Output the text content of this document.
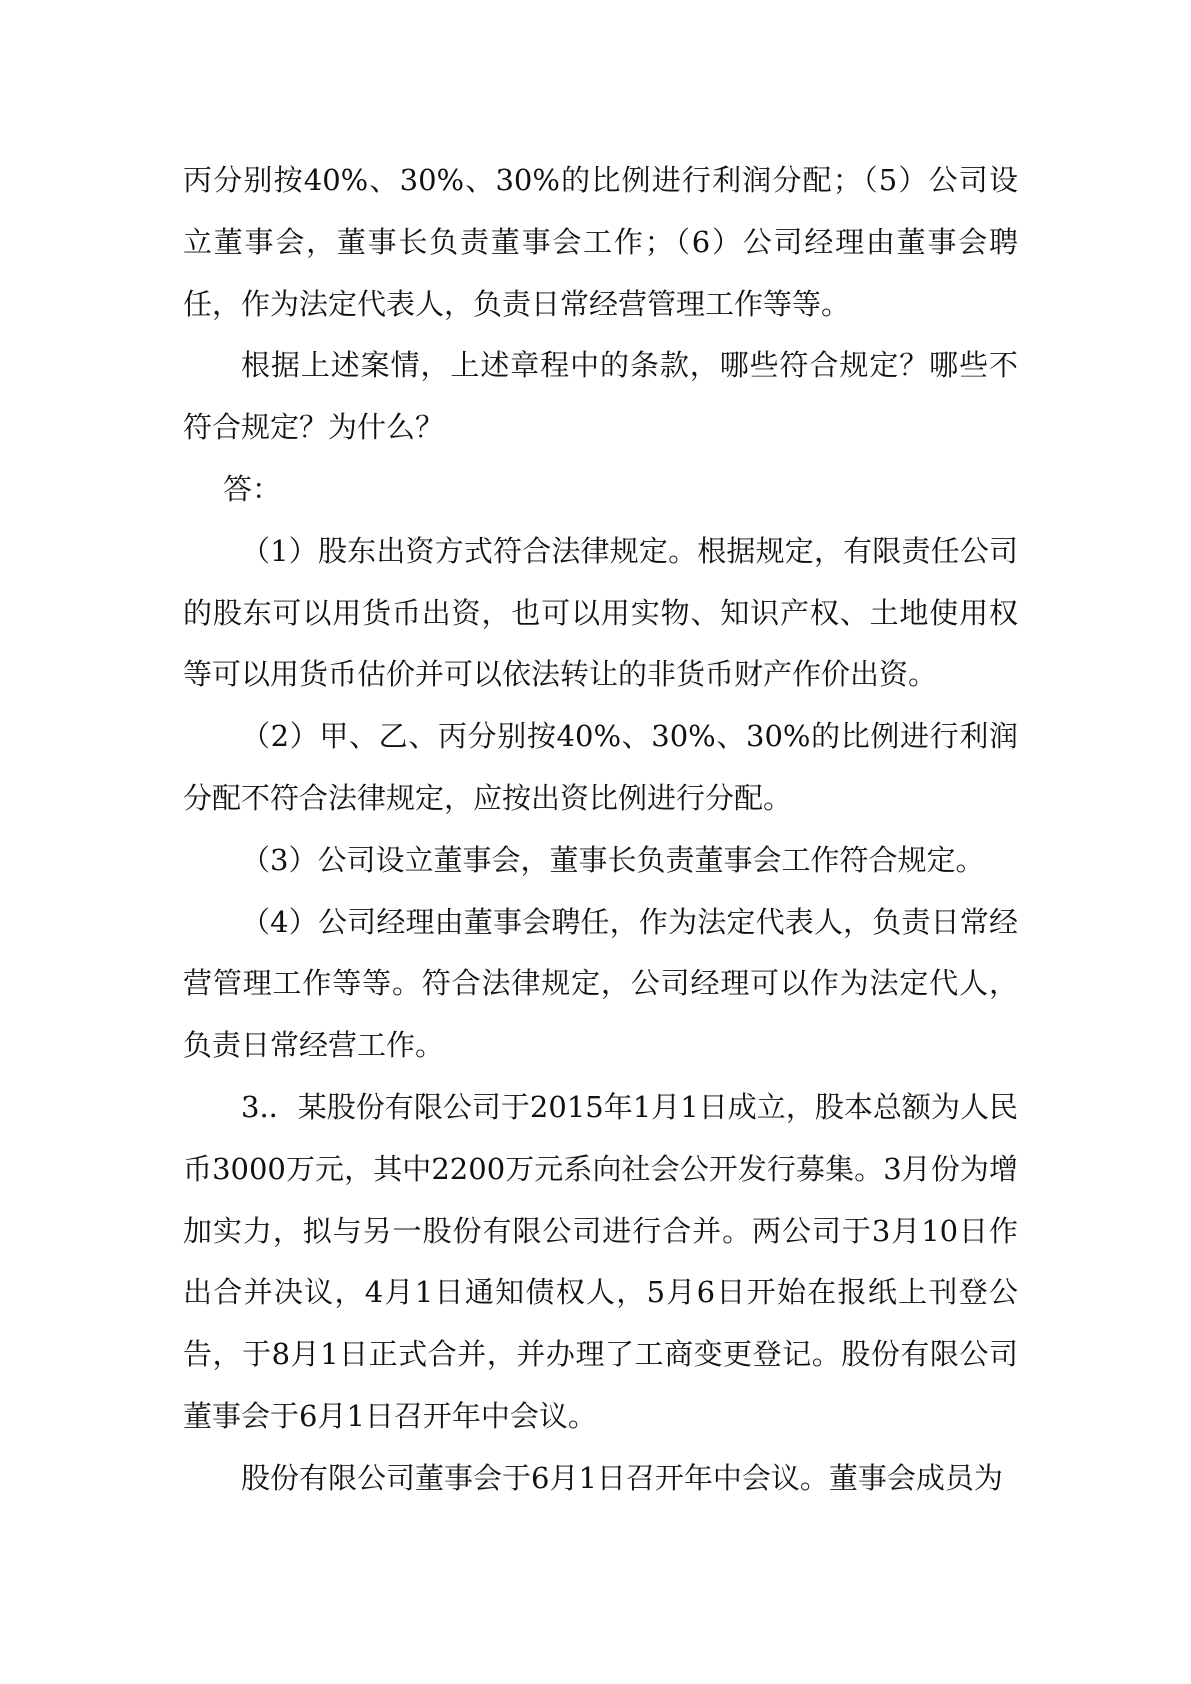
丙分别按40%、30%、30%的比例进行利润分配；（5）公司设立董事会，董事长负责董事会工作；（6）公司经理由董事会聘任，作为法定代表人，负责日常经营管理工作等等。

根据上述案情，上述章程中的条款，哪些符合规定？哪些不符合规定？为什么？

答：

（1）股东出资方式符合法律规定。根据规定，有限责任公司的股东可以用货币出资，也可以用实物、知识产权、土地使用权等可以用货币估价并可以依法转让的非货币财产作价出资。

（2）甲、乙、丙分别按40%、30%、30%的比例进行利润分配不符合法律规定，应按出资比例进行分配。

（3）公司设立董事会，董事长负责董事会工作符合规定。

（4）公司经理由董事会聘任，作为法定代表人，负责日常经营管理工作等等。符合法律规定，公司经理可以作为法定代人，负责日常经营工作。

3.．某股份有限公司于2015年1月1日成立，股本总额为人民币3000万元，其中2200万元系向社会公开发行募集。3月份为增加实力，拟与另一股份有限公司进行合并。两公司于3月10日作出合并决议，4月1日通知债权人，5月6日开始在报纸上刊登公告，于8月1日正式合并，并办理了工商变更登记。股份有限公司董事会于6月1日召开年中会议。

股份有限公司董事会于6月1日召开年中会议。董事会成员为
